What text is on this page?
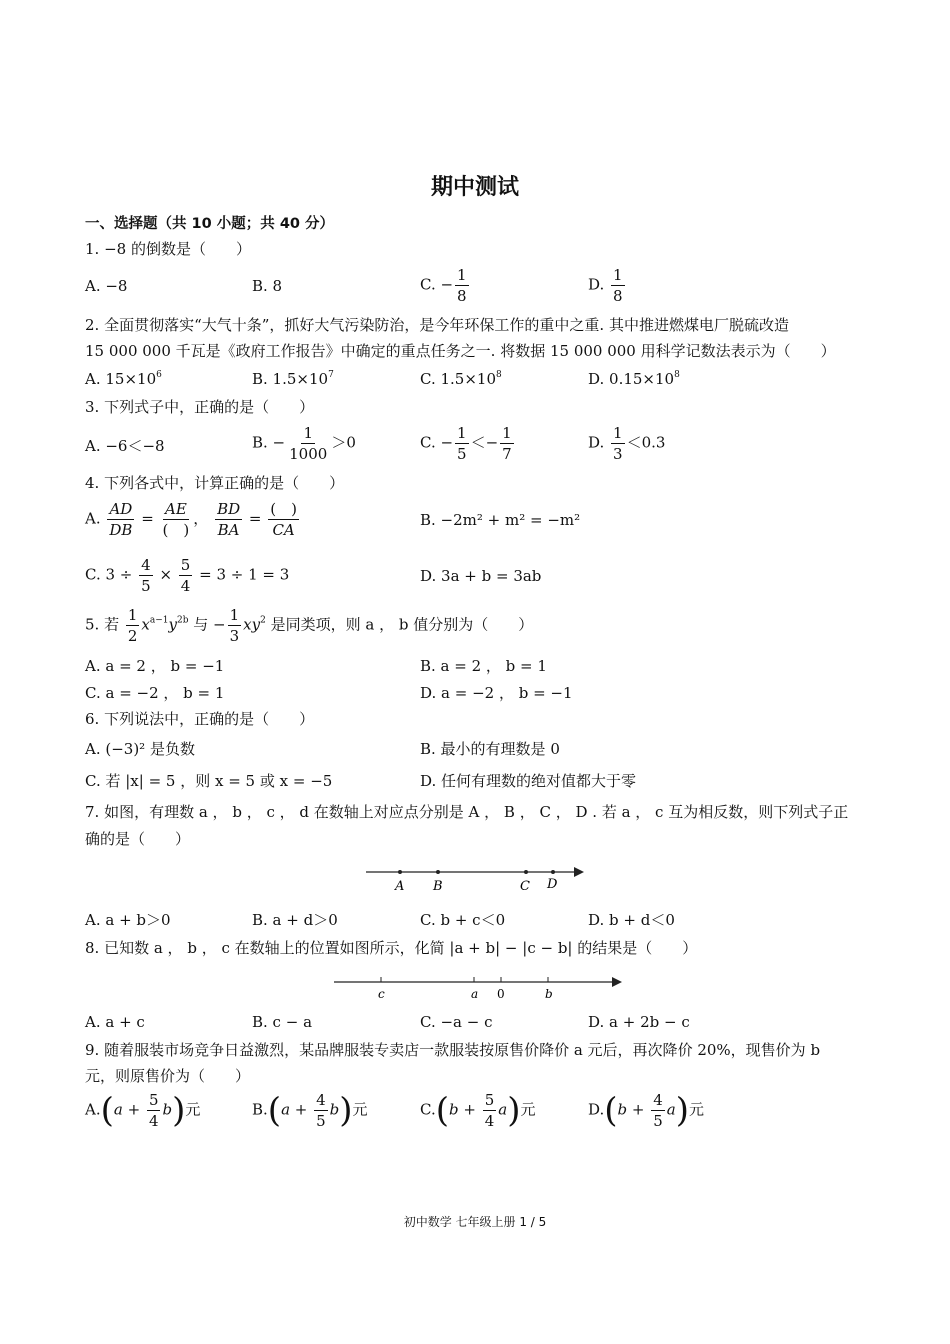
期中测试
一、选择题（共 10 小题；共 40 分）
1. −8 的倒数是（　　）
A. −8	B. 8	C. − $\frac{1}{8}$	D. $\frac{1}{8}$
2. 全面贯彻落实“大气十条”，抓好大气污染防治，是今年环保工作的重中之重. 其中推进燃煤电厂脱硫改造
15 000 000 千瓦是《政府工作报告》中确定的重点任务之一. 将数据 15 000 000 用科学记数法表示为（　　）
A. $15\times 10^6$	B. $1.5\times 10^7$	C. $1.5\times 10^8$	D. $0.15\times 10^8$
3. 下列式子中，正确的是（　　）
A. −6＜−8	B. − $\frac{1}{1000} >0$	C. − $\frac{1}{5} <- \frac{1}{7}$	D. $\frac{1}{3} <0.3$
4. 下列各式中，计算正确的是（　　）
A. $\frac{AD}{DB} = \frac{AE}{( )}$ ， $\frac{BD}{BA} = \frac{( )}{CA}$	B. −2m² + m² = −m²
C. $3 \div \frac{4}{5} \times \frac{5}{4} = 3 \div 1 = 3$	D. 3a + b = 3ab
5. 若 $\frac{1}{2} x^{a-1}y^{2b}$ 与 − $\frac{1}{3} xy^2$ 是同类项，则 a ， b 值分别为（　　）
A. a = 2 ， b = −1	B. a = 2 ， b = 1
C. a = −2 ， b = 1	D. a = −2 ， b = −1
6. 下列说法中，正确的是（　　）
A. (−3)² 是负数	B. 最小的有理数是 0
C. 若 |x| = 5 ，则 x = 5 或 x = −5	D. 任何有理数的绝对值都大于零
7. 如图，有理数 a ， b ， c ， d 在数轴上对应点分别是 A ， B ， C ， D . 若 a ， c 互为相反数，则下列式子正
确的是（　　）
A B	C D
A. a + b＞0	B. a + d＞0	C. b + c＜0	D. b + d＜0
8. 已知数 a ， b ， c 在数轴上的位置如图所示，化简 |a + b| − |c − b| 的结果是（　　）
c	a 0	b
A. a + c	B. c − a	C. −a − c	D. a + 2b − c
9. 随着服装市场竞争日益激烈，某品牌服装专卖店一款服装按原售价降价 a 元后，再次降价 20%，现售价为 b
元，则原售价为（　　）
$A.(a + \frac{5}{4} b)$元	$B.(a + \frac{4}{5} b)$元	$C.(b + \frac{5}{4} a)$元	$D.(b + \frac{4}{5} a)$元
初中数学 七年级上册 1 / 5
